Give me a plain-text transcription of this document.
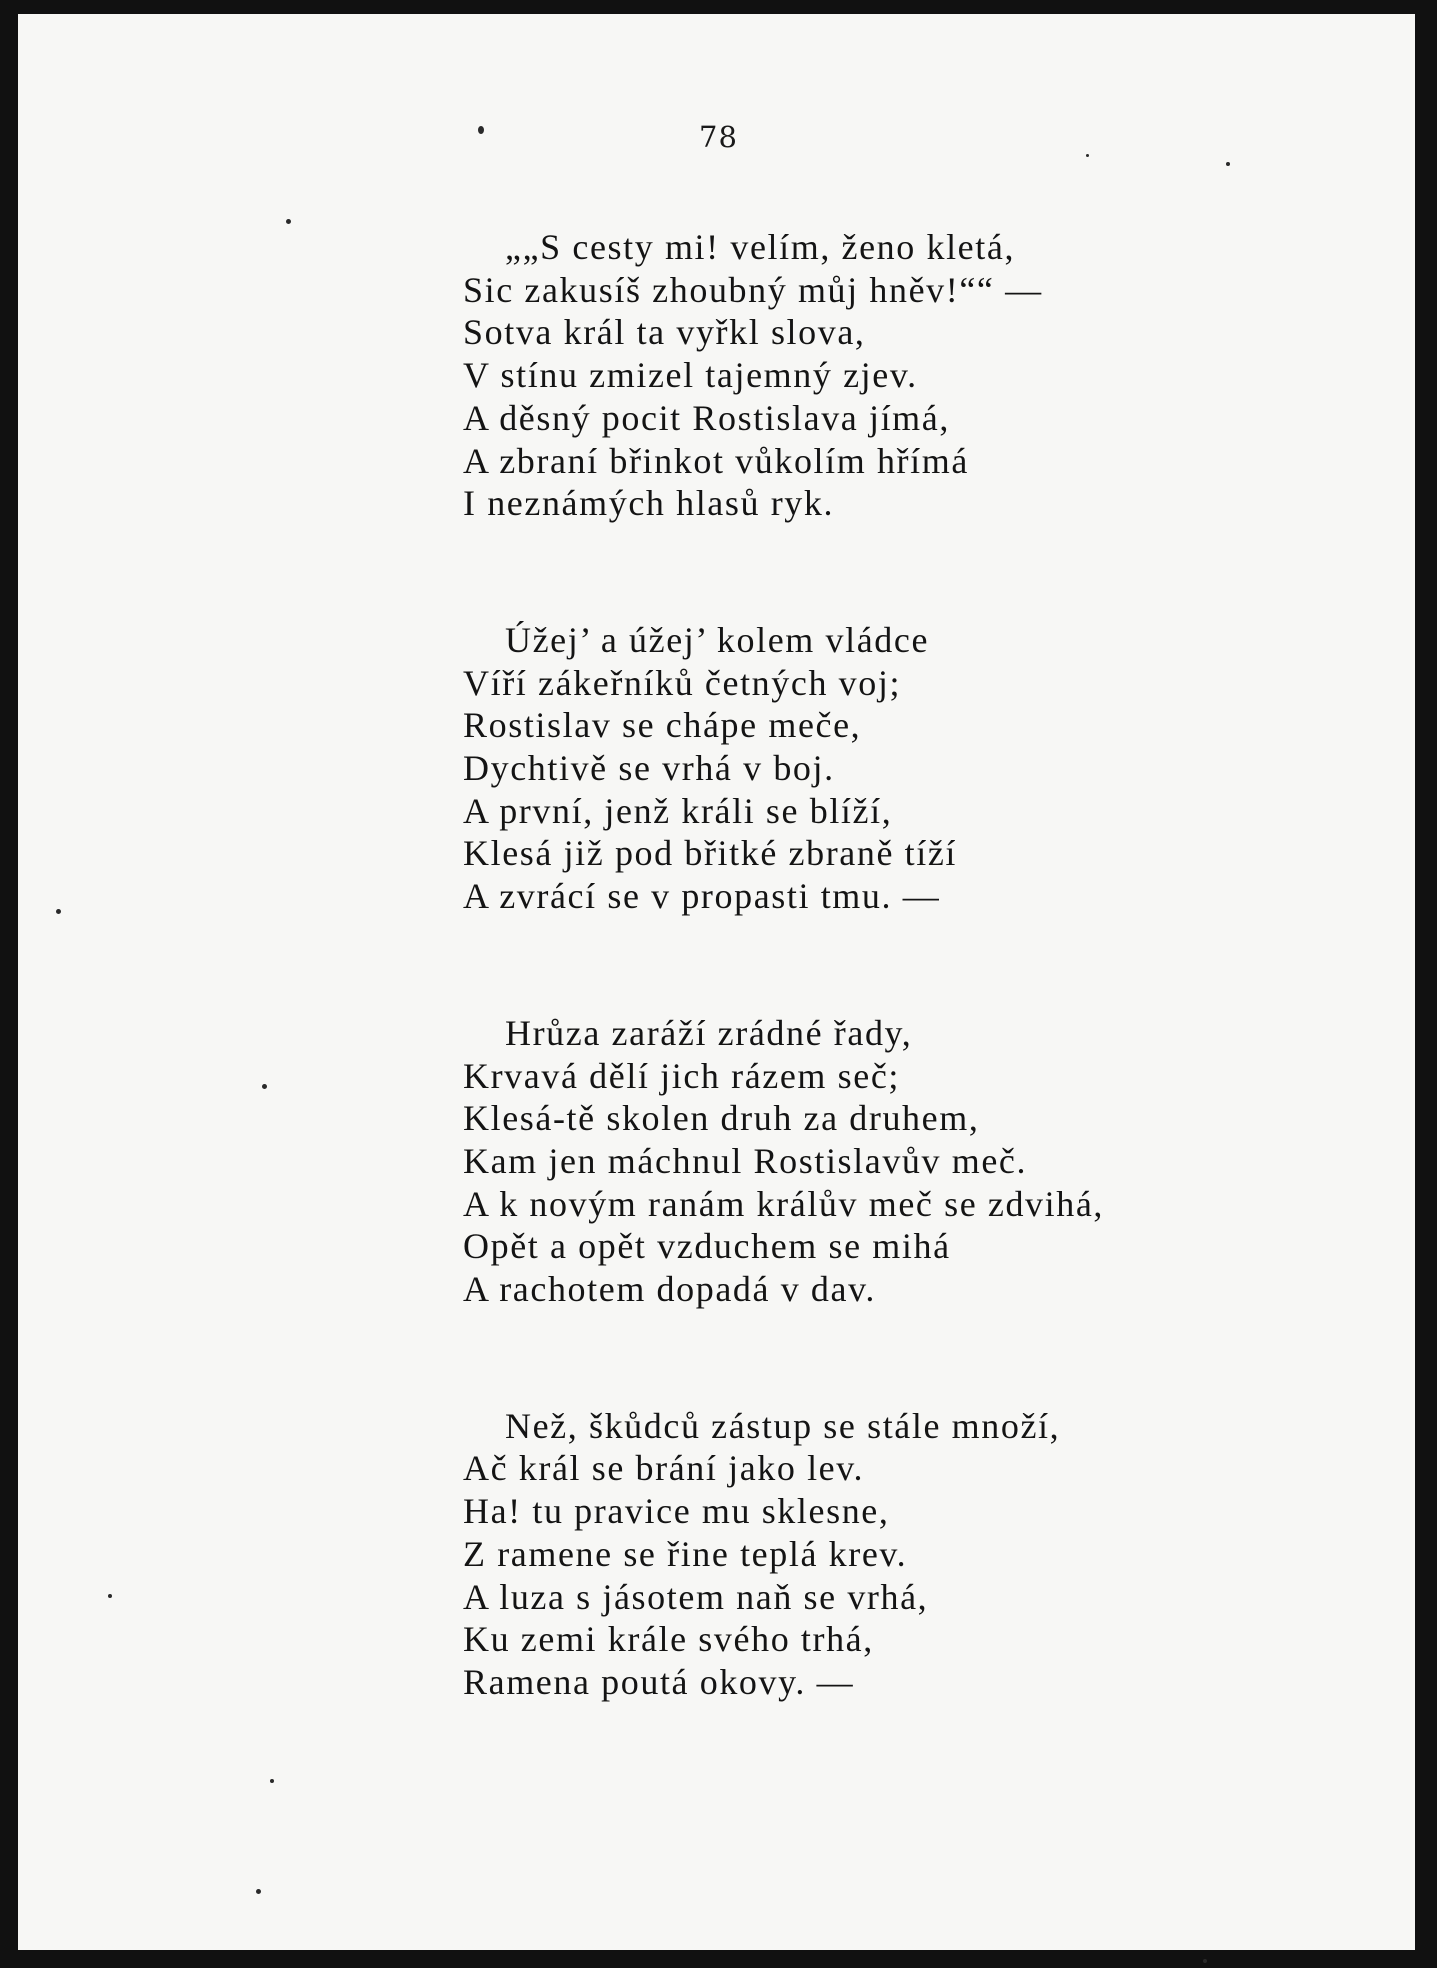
78
„„S cesty mi! velím, ženo kletá,
Sic zakusíš zhoubný můj hněv!““ —
Sotva král ta vyřkl slova,
V stínu zmizel tajemný zjev.
A děsný pocit Rostislava jímá,
A zbraní břinkot vůkolím hřímá
I neznámých hlasů ryk.
Úžej’ a úžej’ kolem vládce
Víří zákeřníků četných voj;
Rostislav se chápe meče,
Dychtivě se vrhá v boj.
A první, jenž králi se blíží,
Klesá již pod břitké zbraně tíží
A zvrácí se v propasti tmu. —
Hrůza zaráží zrádné řady,
Krvavá dělí jich rázem seč;
Klesá-tě skolen druh za druhem,
Kam jen máchnul Rostislavův meč.
A k novým ranám králův meč se zdvihá,
Opět a opět vzduchem se mihá
A rachotem dopadá v dav.
Než, škůdců zástup se stále množí,
Ač král se brání jako lev.
Ha! tu pravice mu sklesne,
Z ramene se řine teplá krev.
A luza s jásotem naň se vrhá,
Ku zemi krále svého trhá,
Ramena poutá okovy. —
